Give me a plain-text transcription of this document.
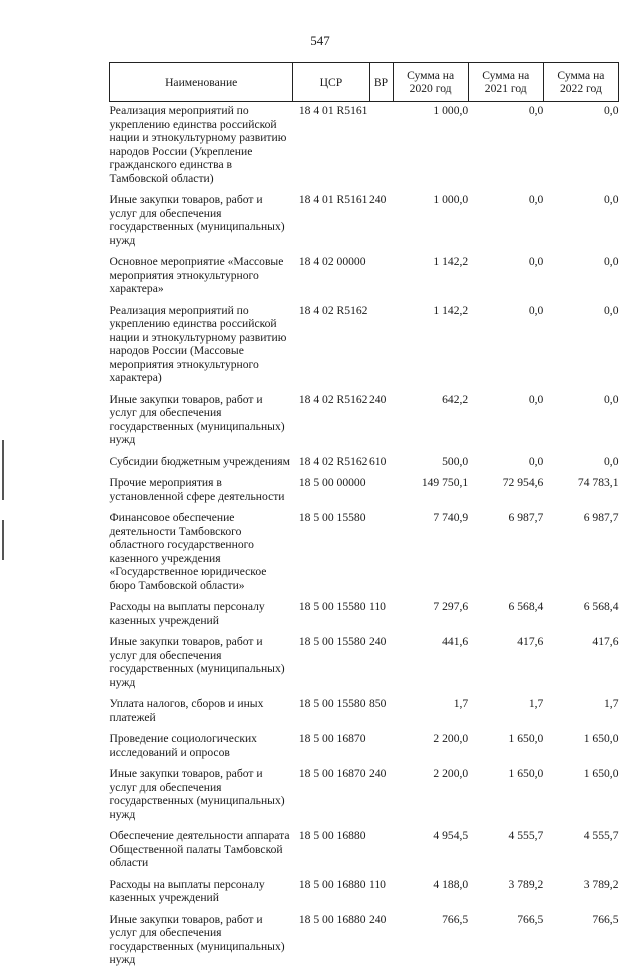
547
Наименование	ЦСР	ВР	Сумма на 2020 год	Сумма на 2021 год	Сумма на 2022 год
Реализация мероприятий по укреплению единства российской нации и этнокультурному развитию народов России (Укрепление гражданского единства в Тамбовской области)	18 4 01 R5161		1 000,0	0,0	0,0
Иные закупки товаров, работ и услуг для обеспечения государственных (муниципальных) нужд	18 4 01 R5161	240	1 000,0	0,0	0,0
Основное мероприятие «Массовые мероприятия этнокультурного характера»	18 4 02 00000		1 142,2	0,0	0,0
Реализация мероприятий по укреплению единства российской нации и этнокультурному развитию народов России (Массовые мероприятия этнокультурного характера)	18 4 02 R5162		1 142,2	0,0	0,0
Иные закупки товаров, работ и услуг для обеспечения государственных (муниципальных) нужд	18 4 02 R5162	240	642,2	0,0	0,0
Субсидии бюджетным учреждениям	18 4 02 R5162	610	500,0	0,0	0,0
Прочие мероприятия в установленной сфере деятельности	18 5 00 00000		149 750,1	72 954,6	74 783,1
Финансовое обеспечение деятельности Тамбовского областного государственного казенного учреждения «Государственное юридическое бюро Тамбовской области»	18 5 00 15580		7 740,9	6 987,7	6 987,7
Расходы на выплаты персоналу казенных учреждений	18 5 00 15580	110	7 297,6	6 568,4	6 568,4
Иные закупки товаров, работ и услуг для обеспечения государственных (муниципальных) нужд	18 5 00 15580	240	441,6	417,6	417,6
Уплата налогов, сборов и иных платежей	18 5 00 15580	850	1,7	1,7	1,7
Проведение социологических исследований и опросов	18 5 00 16870		2 200,0	1 650,0	1 650,0
Иные закупки товаров, работ и услуг для обеспечения государственных (муниципальных) нужд	18 5 00 16870	240	2 200,0	1 650,0	1 650,0
Обеспечение деятельности аппарата Общественной палаты Тамбовской области	18 5 00 16880		4 954,5	4 555,7	4 555,7
Расходы на выплаты персоналу казенных учреждений	18 5 00 16880	110	4 188,0	3 789,2	3 789,2
Иные закупки товаров, работ и услуг для обеспечения государственных (муниципальных) нужд	18 5 00 16880	240	766,5	766,5	766,5
